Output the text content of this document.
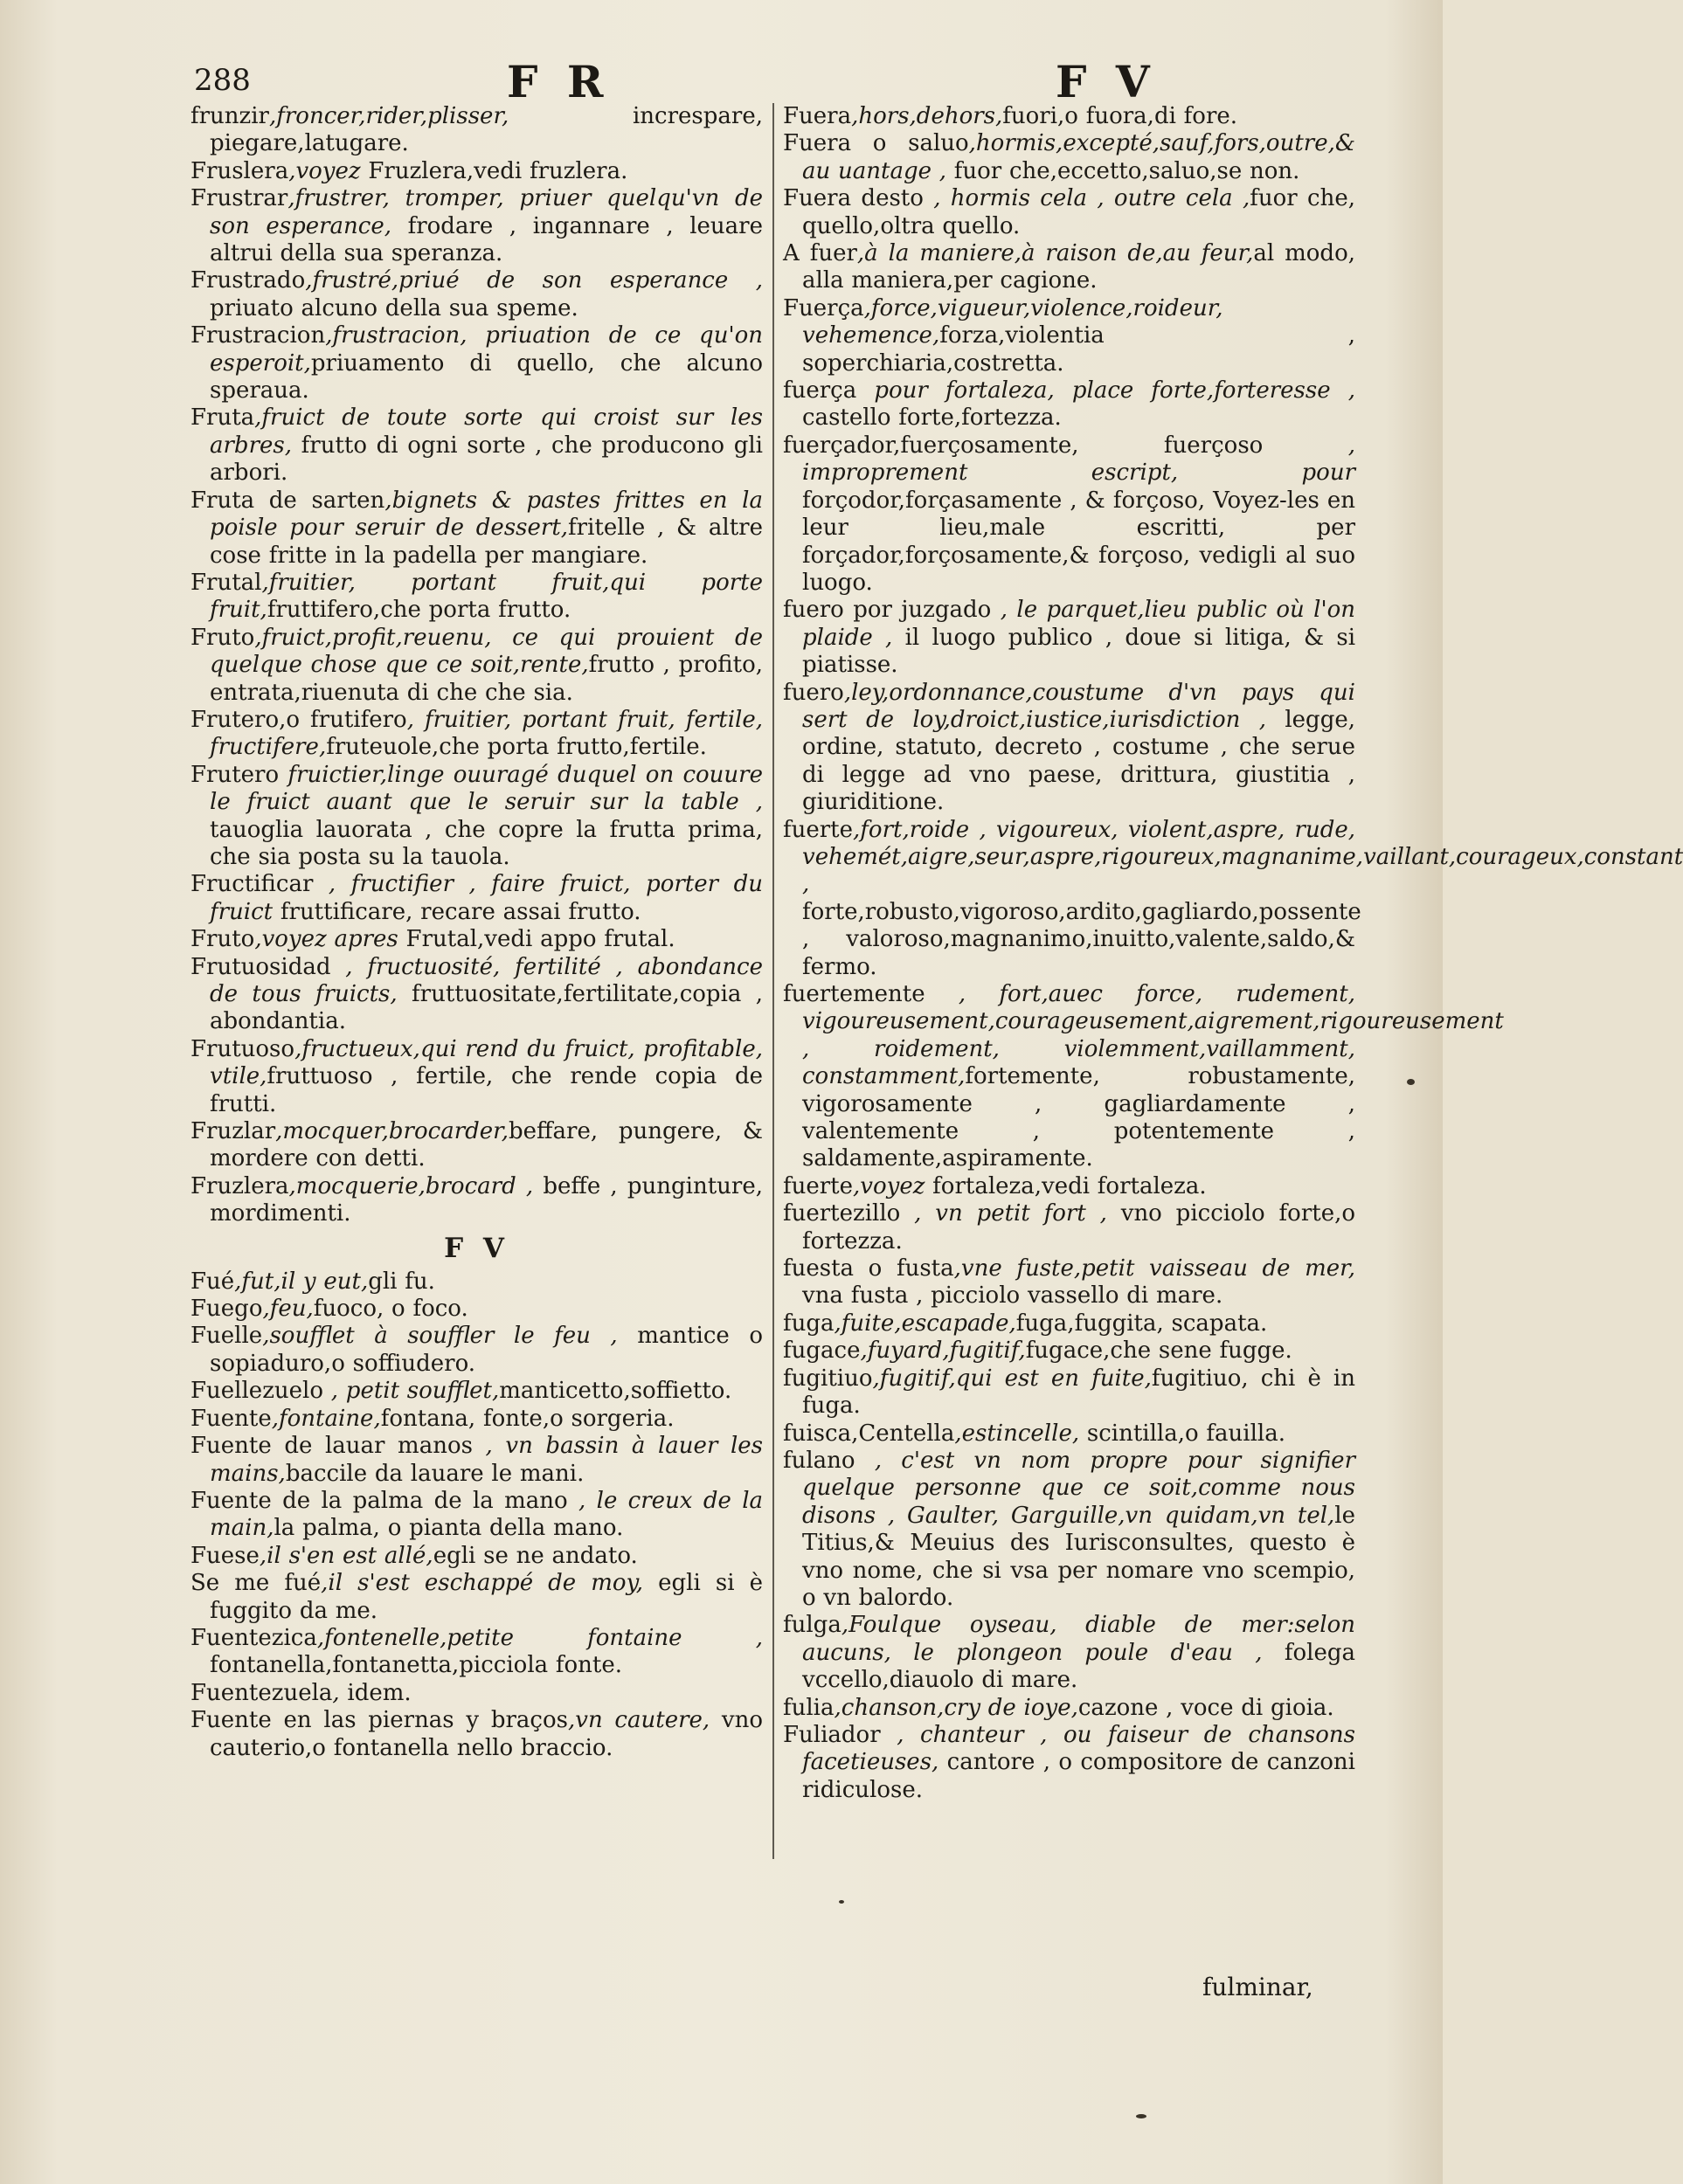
288	F R	F V
frunzir,froncer,rider,plisser, increspare, piegare,latugare.
Fruslera,voyez Fruzlera,vedi fruzlera.
Frustrar,frustrer, tromper, priuer quelqu'vn de son esperance, frodare , ingannare , leuare altrui della sua speranza.
Frustrado,frustré,priué de son esperance , priuato alcuno della sua speme.
Frustracion,frustracion, priuation de ce qu'on esperoit,priuamento di quello, che alcuno speraua.
Fruta,fruict de toute sorte qui croist sur les arbres, frutto di ogni sorte , che producono gli arbori.
Fruta de sarten,bignets & pastes frittes en la poisle pour seruir de dessert,fritelle , & altre cose fritte in la padella per mangiare.
Frutal,fruitier, portant fruit,qui porte fruit,fruttifero,che porta frutto.
Fruto,fruict,profit,reuenu, ce qui prouient de quelque chose que ce soit,rente,frutto , profito, entrata,riuenuta di che che sia.
Frutero,o frutifero, fruitier, portant fruit, fertile, fructifere,fruteuole,che porta frutto,fertile.
Frutero fruictier,linge ouuragé duquel on couure le fruict auant que le seruir sur la table , tauoglia lauorata , che copre la frutta prima, che sia posta su la tauola.
Fructificar , fructifier , faire fruict, porter du fruict fruttificare, recare assai frutto.
Fruto,voyez apres Frutal,vedi appo frutal.
Frutuosidad , fructuosité, fertilité , abondance de tous fruicts, fruttuositate,fertilitate,copia , abondantia.
Frutuoso,fructueux,qui rend du fruict, profitable, vtile,fruttuoso , fertile, che rende copia de frutti.
Fruzlar,mocquer,brocarder,beffare, pungere, & mordere con detti.
Fruzlera,mocquerie,brocard , beffe , punginture, mordimenti.
F V
Fué,fut,il y eut,gli fu.
Fuego,feu,fuoco, o foco.
Fuelle,soufflet à souffler le feu , mantice o sopiaduro,o soffiudero.
Fuellezuelo , petit soufflet,manticetto,soffietto.
Fuente,fontaine,fontana, fonte,o sorgeria.
Fuente de lauar manos , vn bassin à lauer les mains,baccile da lauare le mani.
Fuente de la palma de la mano , le creux de la main,la palma, o pianta della mano.
Fuese,il s'en est allé,egli se ne andato.
Se me fué,il s'est eschappé de moy, egli si è fuggito da me.
Fuentezica,fontenelle,petite fontaine , fontanella,fontanetta,picciola fonte.
Fuentezuela, idem.
Fuente en las piernas y braços,vn cautere, vno cauterio,o fontanella nello braccio.
Fuera,hors,dehors,fuori,o fuora,di fore.
Fuera o saluo,hormis,excepté,sauf,fors,outre,& au uantage , fuor che,eccetto,saluo,se non.
Fuera desto , hormis cela , outre cela ,fuor che, quello,oltra quello.
A fuer,à la maniere,à raison de,au feur,al modo, alla maniera,per cagione.
Fuerça,force,vigueur,violence,roideur, vehemence,forza,violentia , soperchiaria,costretta.
fuerça pour fortaleza, place forte,forteresse , castello forte,fortezza.
fuerçador,fuerçosamente, fuerçoso , improprement escript, pour forçodor,forçasamente , & forçoso, Voyez-les en leur lieu,male escritti, per forçador,forçosamente,& forçoso, vedigli al suo luogo.
fuero por juzgado , le parquet,lieu public où l'on plaide , il luogo publico , doue si litiga, & si piatisse.
fuero,ley,ordonnance,coustume d'vn pays qui sert de loy,droict,iustice,iurisdiction , legge, ordine, statuto, decreto , costume , che serue di legge ad vno paese, drittura, giustitia , giuriditione.
fuerte,fort,roide , vigoureux, violent,aspre, rude, vehemét,aigre,seur,aspre,rigoureux,magnanime,vaillant,courageux,constant , forte,robusto,vigoroso,ardito,gagliardo,possente , valoroso,magnanimo,inuitto,valente,saldo,& fermo.
fuertemente , fort,auec force, rudement, vigoureusement,courageusement,aigrement,rigoureusement , roidement, violemment,vaillamment, constamment,fortemente, robustamente, vigorosamente , gagliardamente , valentemente , potentemente , saldamente,aspiramente.
fuerte,voyez fortaleza,vedi fortaleza.
fuertezillo , vn petit fort , vno picciolo forte,o fortezza.
fuesta o fusta,vne fuste,petit vaisseau de mer, vna fusta , picciolo vassello di mare.
fuga,fuite,escapade,fuga,fuggita, scapata.
fugace,fuyard,fugitif,fugace,che sene fugge.
fugitiuo,fugitif,qui est en fuite,fugitiuo, chi è in fuga.
fuisca,Centella,estincelle, scintilla,o fauilla.
fulano , c'est vn nom propre pour signifier quelque personne que ce soit,comme nous disons , Gaulter, Garguille,vn quidam,vn tel,le Titius,& Meuius des Iurisconsultes, questo è vno nome, che si vsa per nomare vno scempio, o vn balordo.
fulga,Foulque oyseau, diable de mer:selon aucuns, le plongeon poule d'eau , folega vccello,diauolo di mare.
fulia,chanson,cry de ioye,cazone , voce di gioia.
Fuliador , chanteur , ou faiseur de chansons facetieuses, cantore , o compositore de canzoni ridiculose.
fulminar,
